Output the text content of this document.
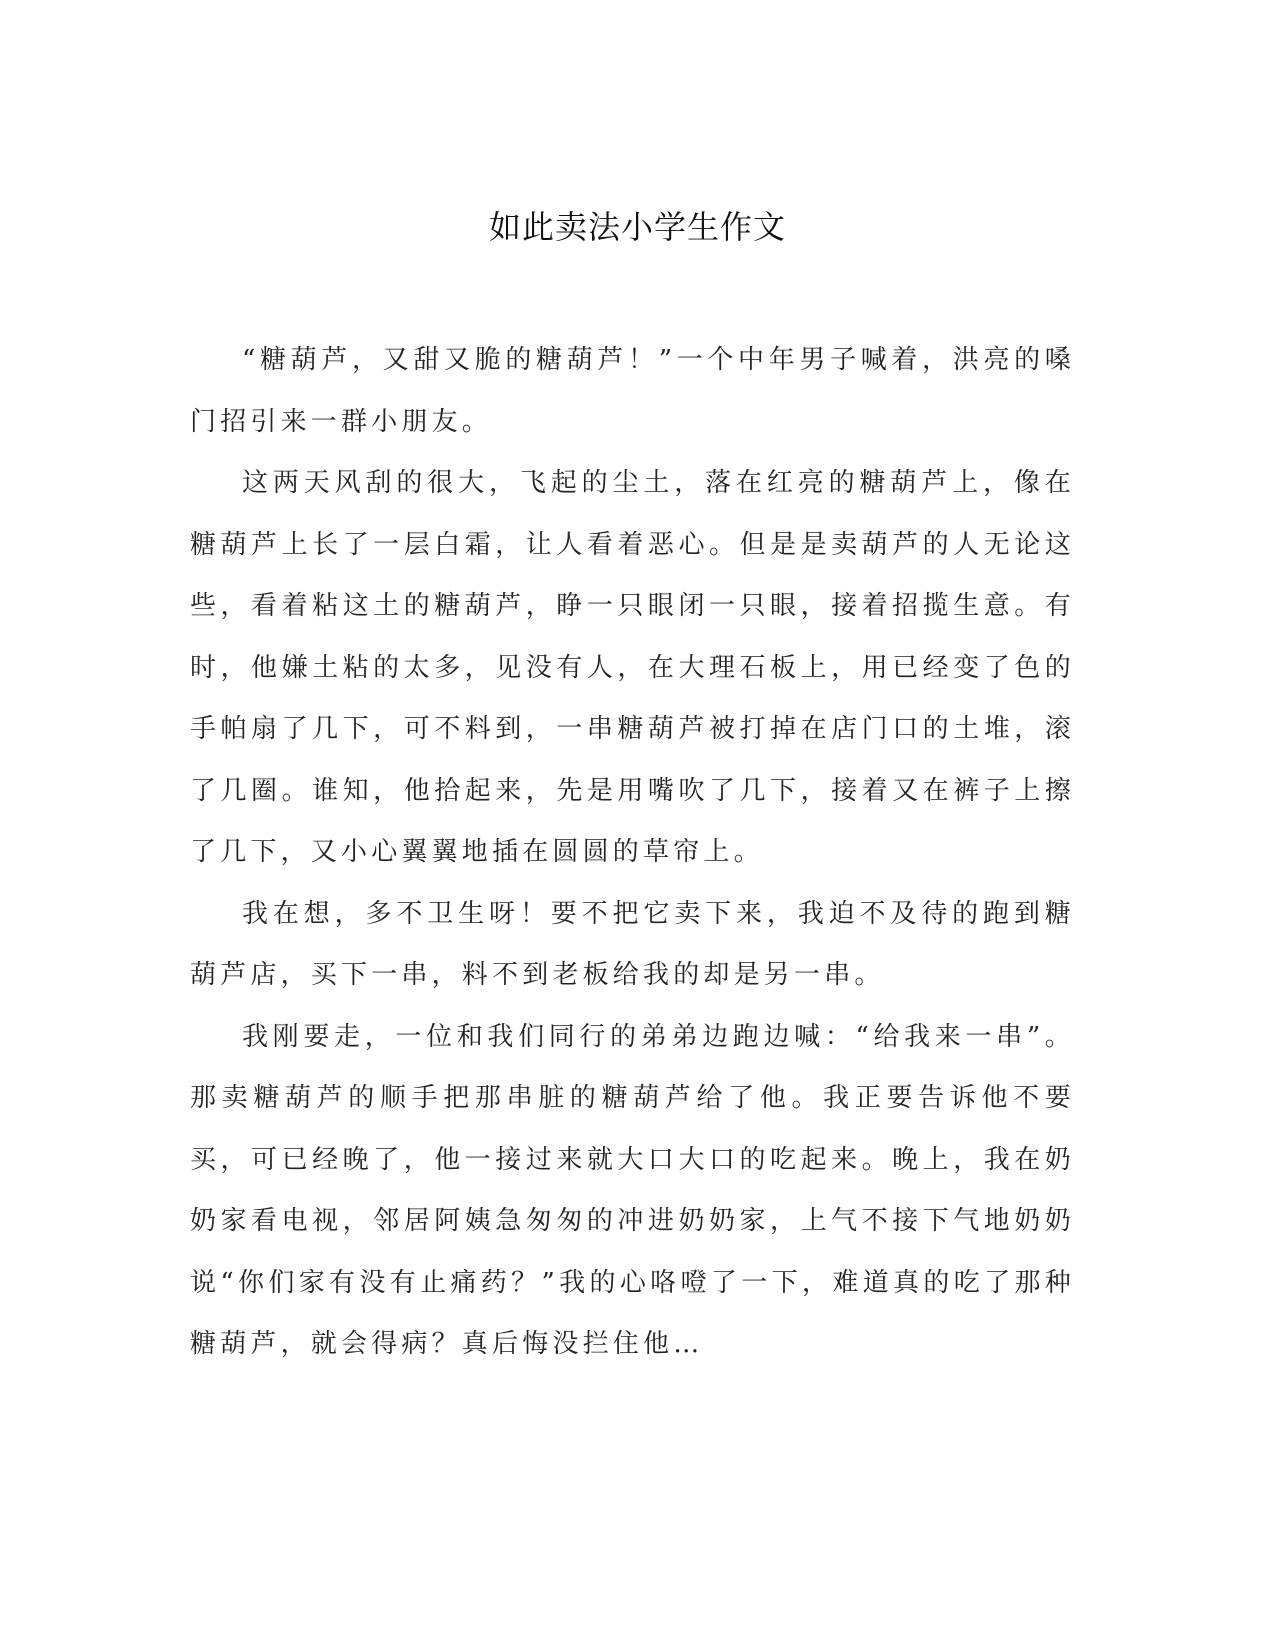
如此卖法小学生作文

“糖葫芦，又甜又脆的糖葫芦！”一个中年男子喊着，洪亮的嗓门招引来一群小朋友。

这两天风刮的很大，飞起的尘土，落在红亮的糖葫芦上，像在糖葫芦上长了一层白霜，让人看着恶心。但是是卖葫芦的人无论这些，看着粘这土的糖葫芦，睁一只眼闭一只眼，接着招揽生意。有时，他嫌土粘的太多，见没有人，在大理石板上，用已经变了色的手帕扇了几下，可不料到，一串糖葫芦被打掉在店门口的土堆，滚了几圈。谁知，他拾起来，先是用嘴吹了几下，接着又在裤子上擦了几下，又小心翼翼地插在圆圆的草帘上。

我在想，多不卫生呀！要不把它卖下来，我迫不及待的跑到糖葫芦店，买下一串，料不到老板给我的却是另一串。

我刚要走，一位和我们同行的弟弟边跑边喊：“给我来一串”。那卖糖葫芦的顺手把那串脏的糖葫芦给了他。我正要告诉他不要买，可已经晚了，他一接过来就大口大口的吃起来。晚上，我在奶奶家看电视，邻居阿姨急匆匆的冲进奶奶家，上气不接下气地奶奶说“你们家有没有止痛药？”我的心咯噔了一下，难道真的吃了那种糖葫芦，就会得病？真后悔没拦住他…
